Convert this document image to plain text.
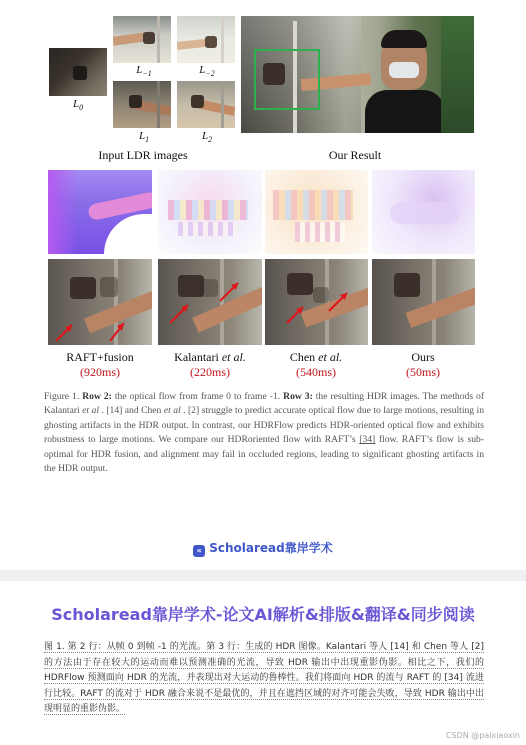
$L_0$
$L_{-1}$	$L_{-2}$
$L_1$	$L_2$
Input LDR images	Our Result
RAFT+fusion
(920ms)
Kalantari et al.
(220ms)
Chen et al.
(540ms)
Ours
(50ms)
Figure 1. Row 2: the optical flow from frame 0 to frame -1. Row 3: the resulting HDR images. The methods of Kalantari et al . [14] and Chen et al . [2] struggle to predict accurate optical flow due to large motions, resulting in ghosting artifacts in the HDR output. In contrast, our HDRFlow predicts HDR-oriented optical flow and exhibits robustness to large motions. We compare our HDRoriented flow with RAFT’s [34] flow. RAFT’s flow is sub-optimal for HDR fusion, and alignment may fail in occluded regions, leading to significant ghosting artifacts in the HDR output.
« Scholaread靠岸学术
Scholaread靠岸学术-论文AI解析&排版&翻译&同步阅读
图 1. 第 2 行：从帧 0 到帧 -1 的光流。第 3 行：生成的 HDR 图像。Kalantari 等人 [14] 和 Chen 等人 [2] 的方法由于存在较大的运动而难以预测准确的光流，导致 HDR 输出中出现重影伪影。相比之下，我们的 HDRFlow 预测面向 HDR 的光流，并表现出对大运动的鲁棒性。我们将面向 HDR 的流与 RAFT 的 [34] 流进行比较。RAFT 的流对于 HDR 融合来说不是最优的，并且在遮挡区域的对齐可能会失败，导致 HDR 输出中出现明显的重影伪影。
CSDN @paixiaoxin
